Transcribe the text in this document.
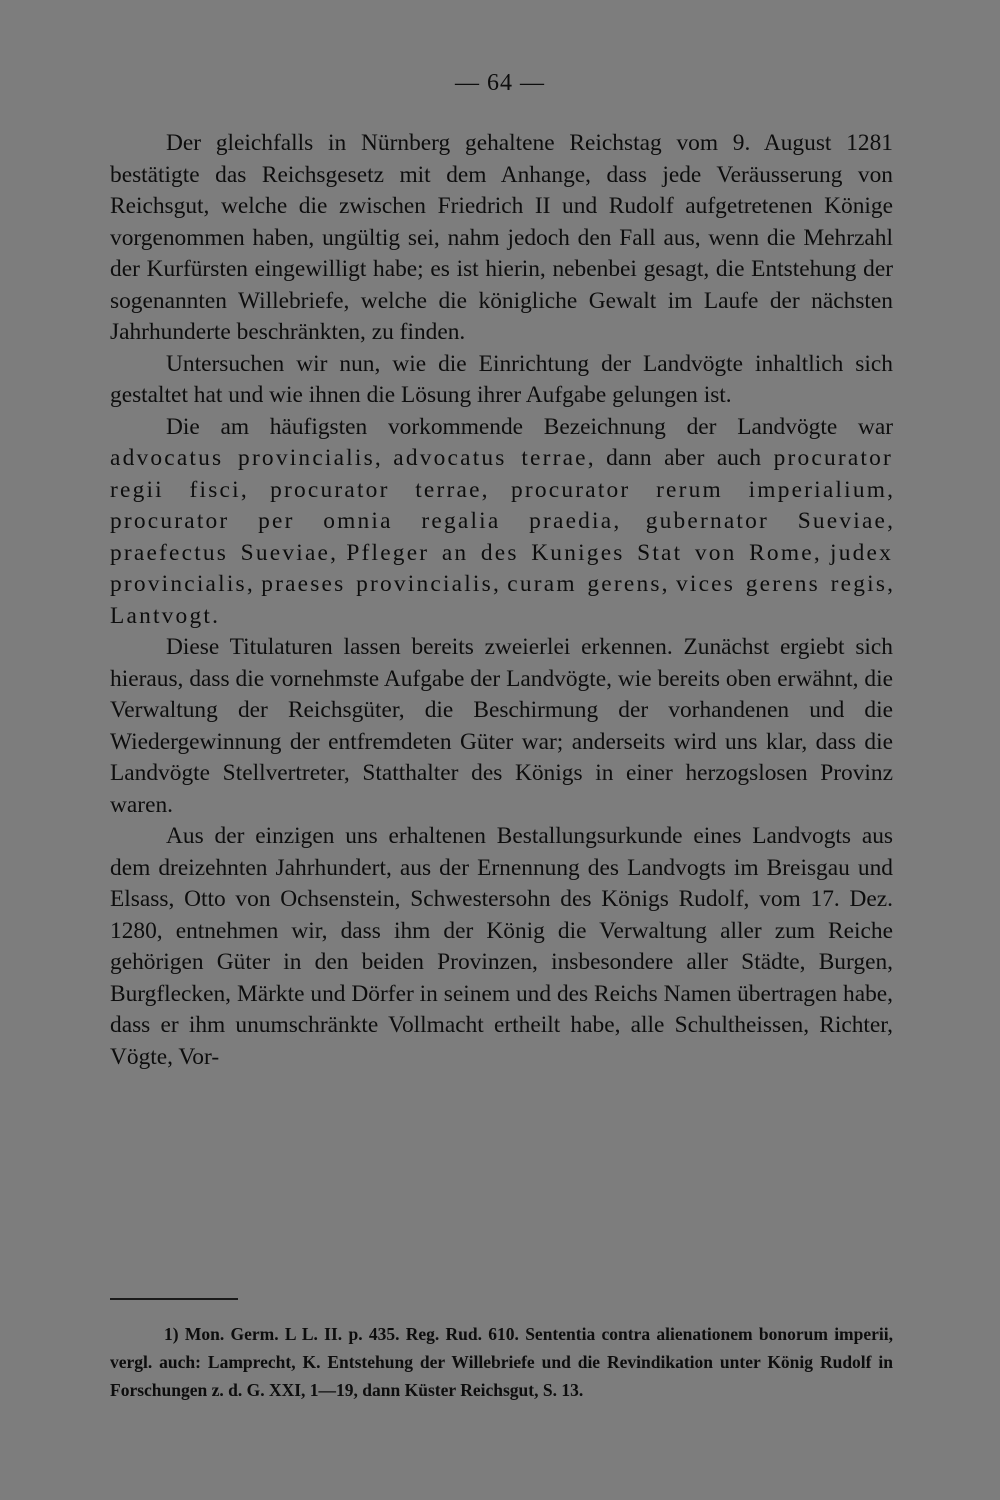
— 64 —

Der gleichfalls in Nürnberg gehaltene Reichstag vom 9. August 1281 bestätigte das Reichsgesetz mit dem Anhange, dass jede Veräusserung von Reichsgut, welche die zwischen Friedrich II und Rudolf aufgetretenen Könige vorgenommen haben, ungültig sei, nahm jedoch den Fall aus, wenn die Mehrzahl der Kurfürsten eingewilligt habe; es ist hierin, nebenbei gesagt, die Entstehung der sogenannten Willebriefe, welche die königliche Gewalt im Laufe der nächsten Jahrhunderte beschränkten, zu finden.

Untersuchen wir nun, wie die Einrichtung der Landvögte inhaltlich sich gestaltet hat und wie ihnen die Lösung ihrer Aufgabe gelungen ist.

Die am häufigsten vorkommende Bezeichnung der Landvögte war advocatus provincialis, advocatus terrae, dann aber auch procurator regii fisci, procurator terrae, procurator rerum imperialium, procurator per omnia regalia praedia, gubernator Sueviae, praefectus Sueviae, Pfleger an des Kuniges Stat von Rome, judex provincialis, praeses provincialis, curam gerens, vices gerens regis, Lantvogt.

Diese Titulaturen lassen bereits zweierlei erkennen. Zunächst ergiebt sich hieraus, dass die vornehmste Aufgabe der Landvögte, wie bereits oben erwähnt, die Verwaltung der Reichsgüter, die Beschirmung der vorhandenen und die Wiedergewinnung der entfremdeten Güter war; anderseits wird uns klar, dass die Landvögte Stellvertreter, Statthalter des Königs in einer herzogslosen Provinz waren.

Aus der einzigen uns erhaltenen Bestallungsurkunde eines Landvogts aus dem dreizehnten Jahrhundert, aus der Ernennung des Landvogts im Breisgau und Elsass, Otto von Ochsenstein, Schwestersohn des Königs Rudolf, vom 17. Dez. 1280, entnehmen wir, dass ihm der König die Verwaltung aller zum Reiche gehörigen Güter in den beiden Provinzen, insbesondere aller Städte, Burgen, Burgflecken, Märkte und Dörfer in seinem und des Reichs Namen übertragen habe, dass er ihm unumschränkte Vollmacht ertheilt habe, alle Schultheissen, Richter, Vögte, Vor-

1) Mon. Germ. L L. II. p. 435. Reg. Rud. 610. Sententia contra alienationem bonorum imperii, vergl. auch: Lamprecht, K. Entstehung der Willebriefe und die Revindikation unter König Rudolf in Forschungen z. d. G. XXI, 1—19, dann Küster Reichsgut, S. 13.
